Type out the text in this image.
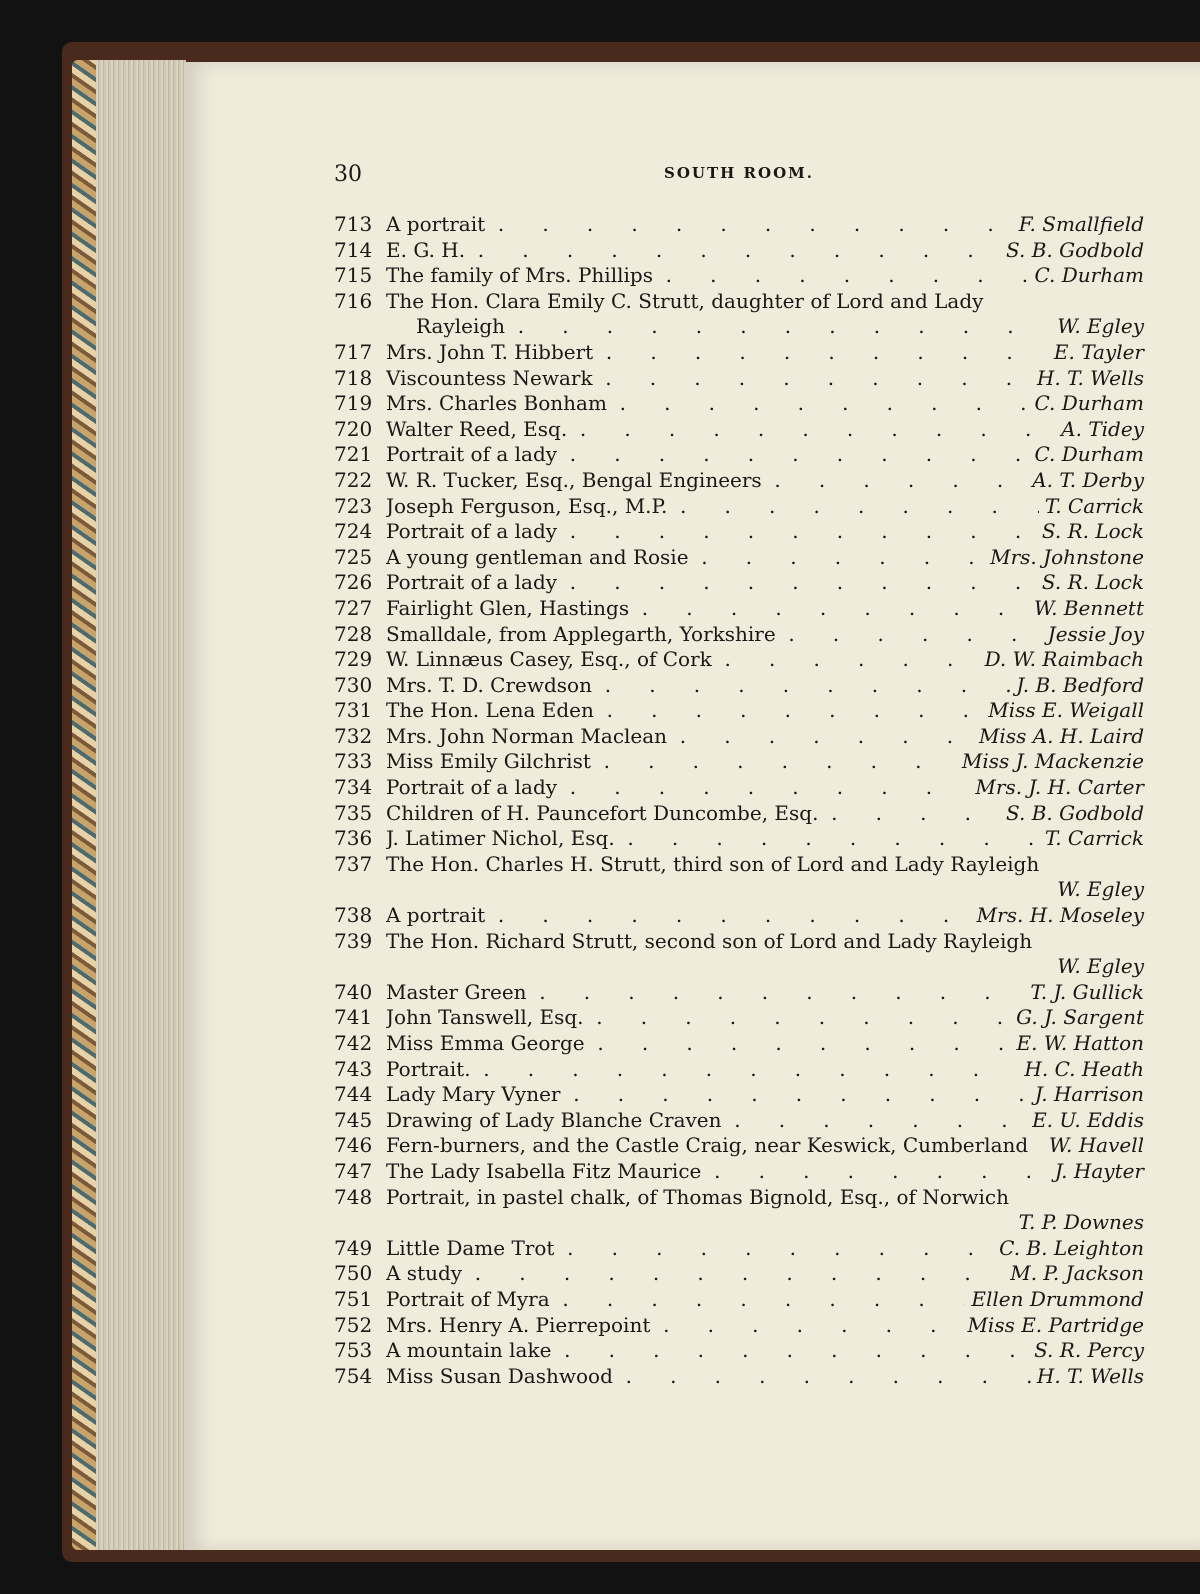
30	SOUTH ROOM.
713 A portrait .	F. Smallfield
714 E. G. H. .	S. B. Godbold
715 The family of Mrs. Phillips .	C. Durham
716 The Hon. Clara Emily C. Strutt, daughter of Lord and Lady
Rayleigh .	W. Egley
717 Mrs. John T. Hibbert .	E. Tayler
718 Viscountess Newark .	H. T. Wells
719 Mrs. Charles Bonham .	C. Durham
720 Walter Reed, Esq. .	A. Tidey
721 Portrait of a lady .	C. Durham
722 W. R. Tucker, Esq., Bengal Engineers .	A. T. Derby
723 Joseph Ferguson, Esq., M.P. .	T. Carrick
724 Portrait of a lady .	S. R. Lock
725 A young gentleman and Rosie .	Mrs. Johnstone
726 Portrait of a lady .	S. R. Lock
727 Fairlight Glen, Hastings .	W. Bennett
728 Smalldale, from Applegarth, Yorkshire .	Jessie Joy
729 W. Linnæus Casey, Esq., of Cork .	D. W. Raimbach
730 Mrs. T. D. Crewdson .	J. B. Bedford
731 The Hon. Lena Eden .	Miss E. Weigall
732 Mrs. John Norman Maclean .	Miss A. H. Laird
733 Miss Emily Gilchrist .	Miss J. Mackenzie
734 Portrait of a lady .	Mrs. J. H. Carter
735 Children of H. Pauncefort Duncombe, Esq. .	S. B. Godbold
736 J. Latimer Nichol, Esq. .	T. Carrick
737 The Hon. Charles H. Strutt, third son of Lord and Lady Rayleigh
W. Egley
738 A portrait .	Mrs. H. Moseley
739 The Hon. Richard Strutt, second son of Lord and Lady Rayleigh
W. Egley
740 Master Green .	T. J. Gullick
741 John Tanswell, Esq. .	G. J. Sargent
742 Miss Emma George .	E. W. Hatton
743 Portrait. .	H. C. Heath
744 Lady Mary Vyner .	J. Harrison
745 Drawing of Lady Blanche Craven .	E. U. Eddis
746 Fern-burners, and the Castle Craig, near Keswick, Cumberland	W. Havell
747 The Lady Isabella Fitz Maurice .	J. Hayter
748 Portrait, in pastel chalk, of Thomas Bignold, Esq., of Norwich
T. P. Downes
749 Little Dame Trot .	C. B. Leighton
750 A study .	M. P. Jackson
751 Portrait of Myra .	Ellen Drummond
752 Mrs. Henry A. Pierrepoint .	Miss E. Partridge
753 A mountain lake .	S. R. Percy
754 Miss Susan Dashwood .	H. T. Wells
